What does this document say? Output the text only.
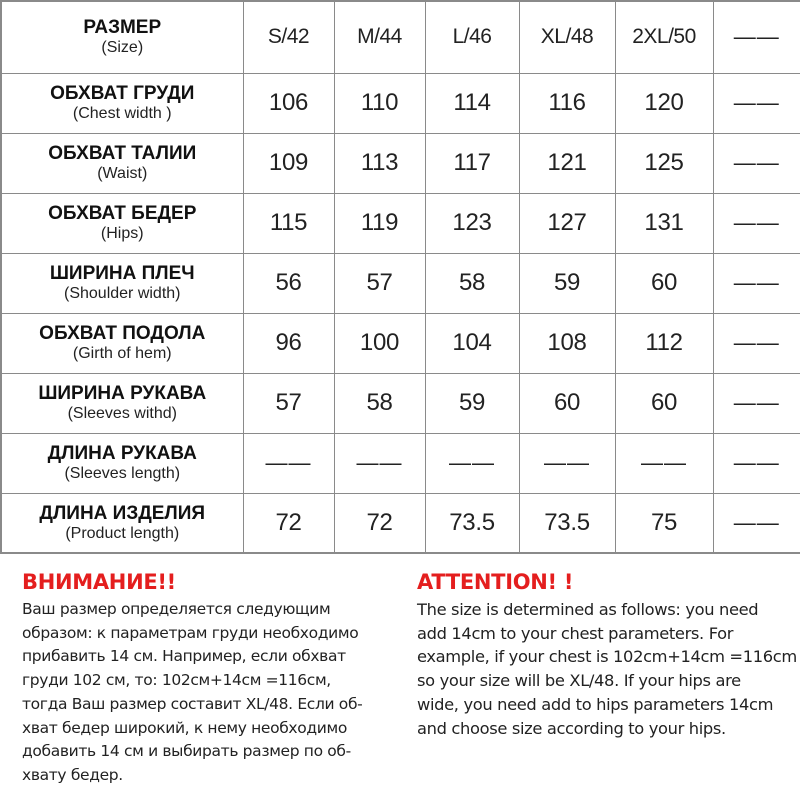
РАЗМЕР
(Size)	S/42	M/44	L/46	XL/48	2XL/50	——

ОБХВАТ ГРУДИ
(Chest width )	106	110	114	116	120	——

ОБХВАТ ТАЛИИ
(Waist)	109	113	117	121	125	——

ОБХВАТ БЕДЕР
(Hips)	115	119	123	127	131	——

ШИРИНА ПЛЕЧ
(Shoulder width)	56	57	58	59	60	——

ОБХВАТ ПОДОЛА
(Girth of hem)	96	100	104	108	112	——

ШИРИНА РУКАВА
(Sleeves withd)	57	58	59	60	60	——

ДЛИНА РУКАВА
(Sleeves length)	——	——	——	——	——	——

ДЛИНА ИЗДЕЛИЯ
(Product length)	72	72	73.5	73.5	75	——
ВНИМАНИЕ!!
Ваш размер определяется следующим
образом: к параметрам груди необходимо
прибавить 14 см. Например, если обхват
груди 102 см, то: 102см+14см =116см,
тогда Ваш размер составит XL/48. Если об-
хват бедер широкий, к нему необходимо
добавить 14 см и выбирать размер по об-
хвату бедер.
ATTENTION! !
The size is determined as follows: you need
add 14cm to your chest parameters. For
example, if your chest is 102cm+14cm =116cm
so your size will be XL/48. If your hips are
wide, you need add to hips parameters 14cm
and choose size according to your hips.
